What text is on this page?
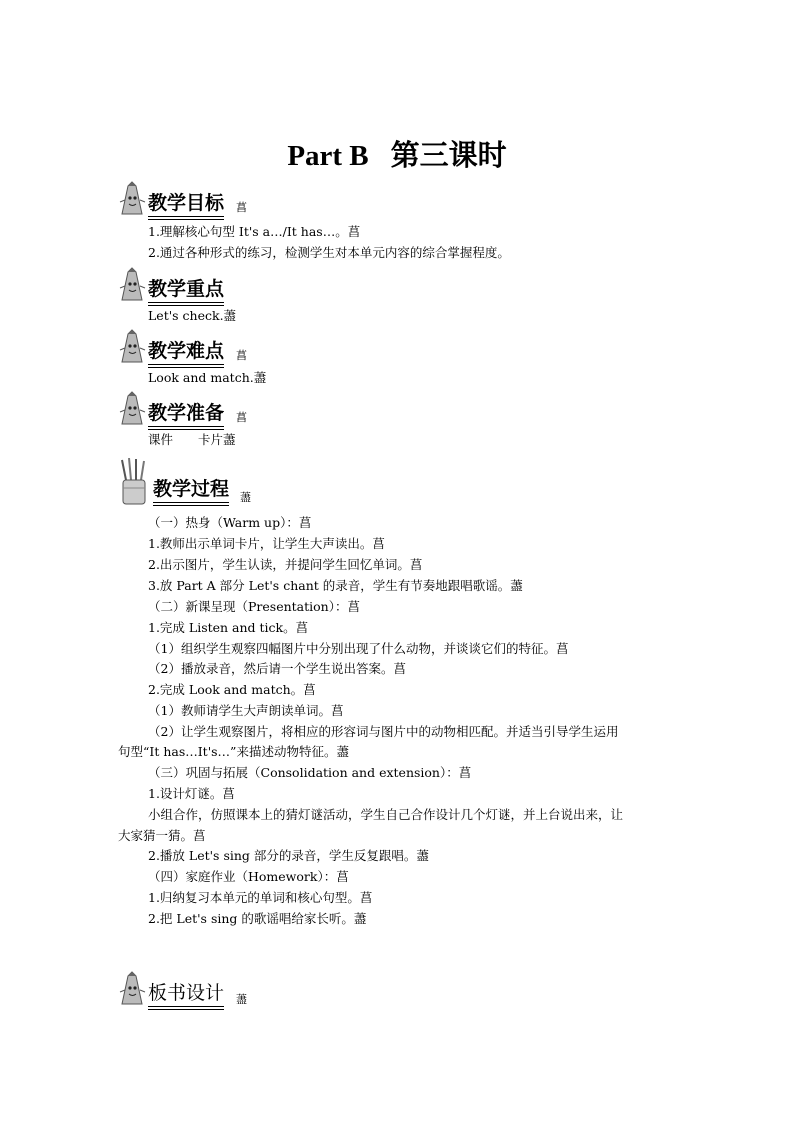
Part B 第三课时
教学目标 菖
1.理解核心句型 It's a…/It has…。菖
2.通过各种形式的练习，检测学生对本单元内容的综合掌握程度。
教学重点
Let's check.藎
教学难点 菖
Look and match.藎
教学准备 菖
课件　　卡片藎
教学过程 藎
（一）热身（Warm up）：菖
1.教师出示单词卡片，让学生大声读出。菖
2.出示图片，学生认读，并提问学生回忆单词。菖
3.放 Part A 部分 Let's chant 的录音，学生有节奏地跟唱歌谣。藎
（二）新课呈现（Presentation）：菖
1.完成 Listen and tick。菖
（1）组织学生观察四幅图片中分别出现了什么动物，并谈谈它们的特征。菖
（2）播放录音，然后请一个学生说出答案。菖
2.完成 Look and match。菖
（1）教师请学生大声朗读单词。菖
（2）让学生观察图片，将相应的形容词与图片中的动物相匹配。并适当引导学生运用
句型“It has…It's…”来描述动物特征。藎
（三）巩固与拓展（Consolidation and extension）：菖
1.设计灯谜。菖
小组合作，仿照课本上的猜灯谜活动，学生自己合作设计几个灯谜，并上台说出来，让
大家猜一猜。菖
2.播放 Let's sing 部分的录音，学生反复跟唱。藎
（四）家庭作业（Homework）：菖
1.归纳复习本单元的单词和核心句型。菖
2.把 Let's sing 的歌谣唱给家长听。藎
板书设计 藎
